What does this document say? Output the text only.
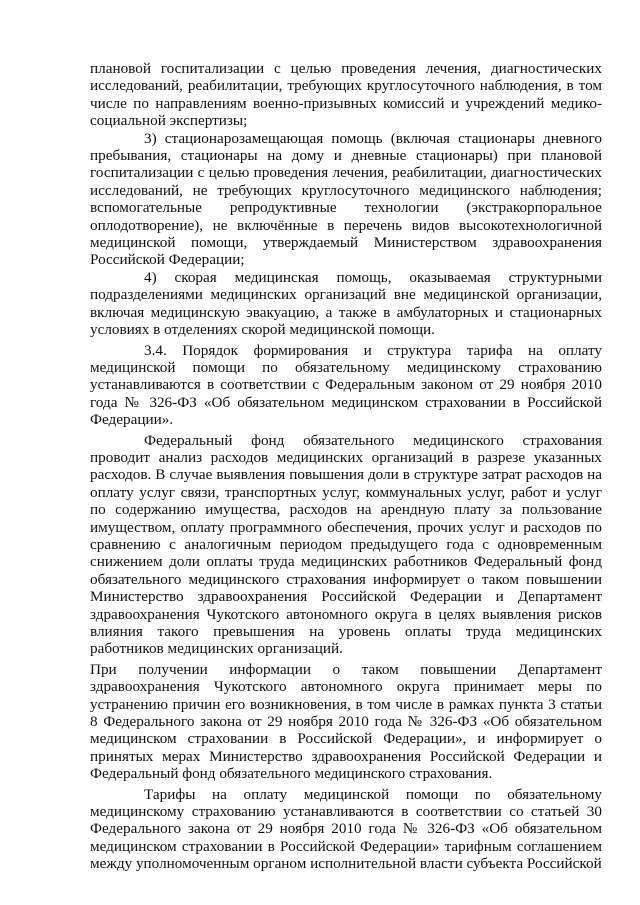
плановой госпитализации с целью проведения лечения, диагностических исследований, реабилитации, требующих круглосуточного наблюдения, в том числе по направлениям военно-призывных комиссий и учреждений медико-социальной экспертизы;

3) стационарозамещающая помощь (включая стационары дневного пребывания, стационары на дому и дневные стационары) при плановой госпитализации с целью проведения лечения, реабилитации, диагностических исследований, не требующих круглосуточного медицинского наблюдения; вспомогательные репродуктивные технологии (экстракорпоральное оплодотворение), не включённые в перечень видов высокотехнологичной медицинской помощи, утверждаемый Министерством здравоохранения Российской Федерации;

4) скорая медицинская помощь, оказываемая структурными подразделениями медицинских организаций вне медицинской организации, включая медицинскую эвакуацию, а также в амбулаторных и стационарных условиях в отделениях скорой медицинской помощи.

3.4. Порядок формирования и структура тарифа на оплату медицинской помощи по обязательному медицинскому страхованию устанавливаются в соответствии с Федеральным законом от 29 ноября 2010 года № 326-ФЗ «Об обязательном медицинском страховании в Российской Федерации».

Федеральный фонд обязательного медицинского страхования проводит анализ расходов медицинских организаций в разрезе указанных расходов. В случае выявления повышения доли в структуре затрат расходов на оплату услуг связи, транспортных услуг, коммунальных услуг, работ и услуг по содержанию имущества, расходов на арендную плату за пользование имуществом, оплату программного обеспечения, прочих услуг и расходов по сравнению с аналогичным периодом предыдущего года с одновременным снижением доли оплаты труда медицинских работников Федеральный фонд обязательного медицинского страхования информирует о таком повышении Министерство здравоохранения Российской Федерации и Департамент здравоохранения Чукотского автономного округа в целях выявления рисков влияния такого превышения на уровень оплаты труда медицинских работников медицинских организаций.

При получении информации о таком повышении Департамент здравоохранения Чукотского автономного округа принимает меры по устранению причин его возникновения, в том числе в рамках пункта 3 статьи 8 Федерального закона от 29 ноября 2010 года № 326-ФЗ «Об обязательном медицинском страховании в Российской Федерации», и информирует о принятых мерах Министерство здравоохранения Российской Федерации и Федеральный фонд обязательного медицинского страхования.

Тарифы на оплату медицинской помощи по обязательному медицинскому страхованию устанавливаются в соответствии со статьей 30 Федерального закона от 29 ноября 2010 года № 326-ФЗ «Об обязательном медицинском страховании в Российской Федерации» тарифным соглашением между уполномоченным органом исполнительной власти субъекта Российской
